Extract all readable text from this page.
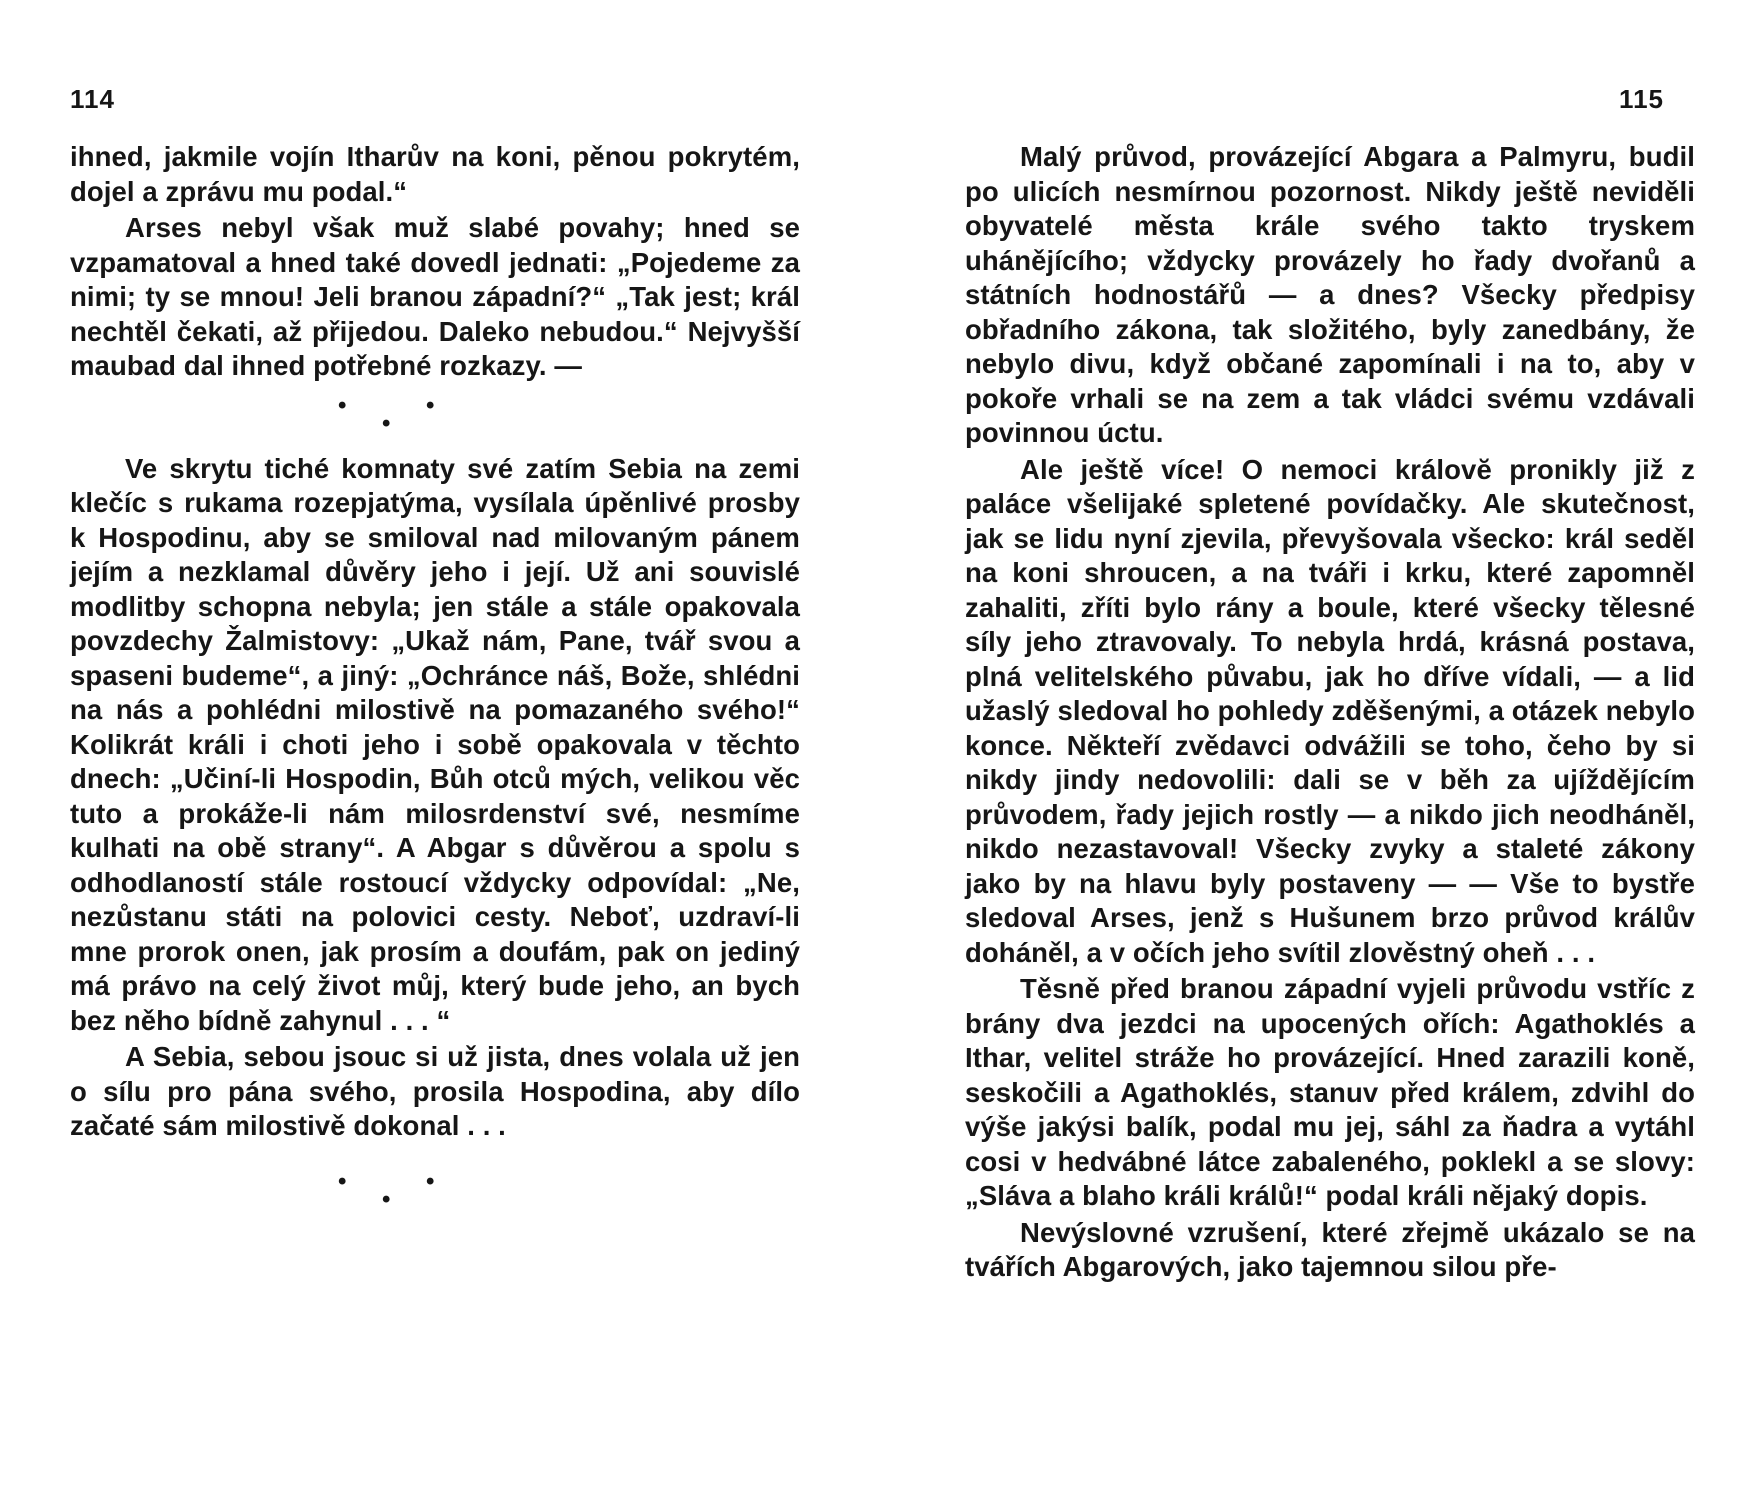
114

ihned, jakmile vojín Itharův na koni, pěnou pokrytém, dojel a zprávu mu podal.“

Arses nebyl však muž slabé povahy; hned se vzpamatoval a hned také dovedl jednati: „Pojedeme za nimi; ty se mnou! Jeli branou západní?“ „Tak jest; král nechtěl čekati, až přijedou. Daleko nebudou.“ Nejvyšší maubad dal ihned potřebné rozkazy. —

•
•
•

Ve skrytu tiché komnaty své zatím Sebia na zemi klečíc s rukama rozepjatýma, vysílala úpěnlivé prosby k Hospodinu, aby se smiloval nad milovaným pánem jejím a nezklamal důvěry jeho i její. Už ani souvislé modlitby schopna nebyla; jen stále a stále opakovala povzdechy Žalmistovy: „Ukaž nám, Pane, tvář svou a spaseni budeme“, a jiný: „Ochránce náš, Bože, shlédni na nás a pohlédni milostivě na pomazaného svého!“ Kolikrát králi i choti jeho i sobě opakovala v těchto dnech: „Učiní-li Hospodin, Bůh otců mých, velikou věc tuto a prokáže-li nám milosrdenství své, nesmíme kulhati na obě strany“. A Abgar s důvěrou a spolu s odhodlaností stále rostoucí vždycky odpovídal: „Ne, nezůstanu státi na polovici cesty. Neboť, uzdraví-li mne prorok onen, jak prosím a doufám, pak on jediný má právo na celý život můj, který bude jeho, an bych bez něho bídně zahynul . . . “

A Sebia, sebou jsouc si už jista, dnes volala už jen o sílu pro pána svého, prosila Hospodina, aby dílo začaté sám milostivě dokonal . . .

•
•
•
115

Malý průvod, provázející Abgara a Palmyru, budil po ulicích nesmírnou pozornost. Nikdy ještě neviděli obyvatelé města krále svého takto tryskem uhánějícího; vždycky provázely ho řady dvořanů a státních hodnostářů — a dnes? Všecky předpisy obřadního zákona, tak složitého, byly zanedbány, že nebylo divu, když občané zapomínali i na to, aby v pokoře vrhali se na zem a tak vládci svému vzdávali povinnou úctu.

Ale ještě více! O nemoci královĕ pronikly již z paláce všelijaké spletené povídačky. Ale skutečnost, jak se lidu nyní zjevila, převyšovala všecko: král seděl na koni shroucen, a na tváři i krku, které zapomněl zahaliti, zříti bylo rány a boule, které všecky tělesné síly jeho ztravovaly. To nebyla hrdá, krásná postava, plná velitelského půvabu, jak ho dříve vídali, — a lid užaslý sledoval ho pohledy zděšenými, a otázek nebylo konce. Někteří zvědavci odvážili se toho, čeho by si nikdy jindy nedovolili: dali se v běh za ujíždějícím průvodem, řady jejich rostly — a nikdo jich neodháněl, nikdo nezastavoval! Všecky zvyky a staleté zákony jako by na hlavu byly postaveny — — Vše to bystře sledoval Arses, jenž s Hušunem brzo průvod králův doháněl, a v očích jeho svítil zlověstný oheň . . .

Těsně před branou západní vyjeli průvodu vstříc z brány dva jezdci na upocených ořích: Agathoklés a Ithar, velitel stráže ho provázející. Hned zarazili koně, seskočili a Agathoklés, stanuv před králem, zdvihl do výše jakýsi balík, podal mu jej, sáhl za ňadra a vytáhl cosi v hedvábné látce zabaleného, poklekl a se slovy: „Sláva a blaho králi králů!“ podal králi nějaký dopis.

Nevýslovné vzrušení, které zřejmě ukázalo se na tvářích Abgarových, jako tajemnou silou pře-
